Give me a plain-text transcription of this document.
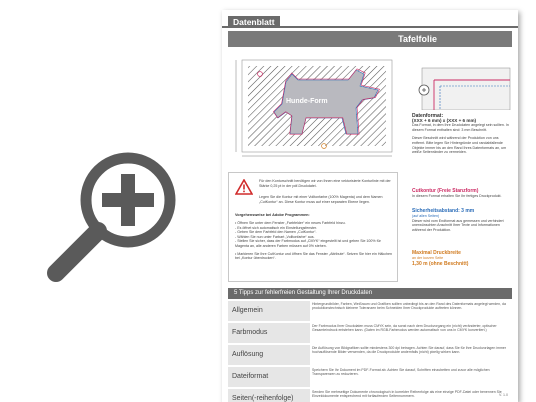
Datenblatt
Tafelfolie
Hunde-Form
Datenformat:
(XXX + 6 mm) x (XXX + 6 mm)
Das Format, in dem Ihre Druckdaten angelegt sein sollten. In diesem Format enthalten sind: 3 mm Beschnitt.
Dieser Beschnitt wird während der Produktion von uns entfernt. Bitte legen Sie Hintergründe und randabfallende Objekte immer bis an den Rand Ihres Datenformats an, um weiße Seitenränder zu vermeiden.
Cutkontur (Freie Stanzform)
In diesem Format erhalten Sie Ihr fertiges Druckprodukt.
Sicherheitsabstand: 3 mm
(auf allen Seiten)
Dieser wird vom Endformat aus gemessen und verhindert unerwünschten Anschnitt Ihrer Texte und Informationen während der Produktion.
Maximal Druckbreite
an der kurzen Seite
1,30 m (ohne Beschnitt)
Für den Konturschnitt benötigen wir von Ihnen eine vektorisierte Konturlinie mit der Stärke 0,25 pt in der pdf-Druckdatei.
Legen Sie die Kontur mit einer Volltonfarbe (100% Magenta) und dem Namen „CutKontur“ an. Diese Kontur muss auf einer separaten Ebene liegen.
Vorgehensweise bei Adobe Programmen:
• Öffnen Sie unter dem Fenster „Farbfelder“ ein neues Farbfeld hinzu.
- Es öffnet sich automatisch ein Einstellungsfenster.
- Geben Sie dem Farbfeld den Namen „CutKontur“.
- Wählen Sie nun unter Farbart „Volltonfarbe“ aus.
- Stellen Sie sicher, dass der Farbmodus auf „CMYK“ eingestellt ist und geben Sie 100% für Magenta an, alle anderen Farben müssen auf 0% stehen.
• Markieren Sie Ihre CutKontur und öffnen Sie das Fenster „Attribute“. Setzen Sie hier ein Häkchen bei „Kontur überdrucken“.
5 Tipps zur fehlerfreien Gestaltung Ihrer Druckdaten
Allgemein
Hintergrundbilder, Farben, Weißraum und Grafiken sollten unbedingt bis an den Rand des Datenformats angelegt werden, da produktionstechnisch kleinere Toleranzen beim Schneiden Ihrer Druckprodukte auftreten können.
Farbmodus
Der Farbmodus Ihrer Druckdaten muss CMYK sein, da sonst nach dem Druckvorgang ein (nicht) veränderter, optischer Gesamteindruck entstehen kann. (Daten im RGB-Farbmodus werden automatisch von uns in CMYK konvertiert.)
Auflösung
Die Auflösung von Bildgrafiken sollte mindestens 300 dpi betragen. Achten Sie darauf, dass Sie für Ihre Druckvorlagen immer hochauflösende Bilder verwenden, da die Druckprodukte andernfalls (nicht) pixelig wirken kann.
Dateiformat
Speichern Sie Ihr Dokument im PDF-Format ab. Achten Sie darauf, Schriften einzubetten und zuvor alle möglichen Transparenzen zu reduzieren.
Seiten(-reihenfolge)
Senden Sie mehrseitige Dokumente chronologisch in korrekter Reihenfolge als eine einzige PDF-Datei oder benennen Sie Einzeldokumente entsprechend mit fortlaufenden Seitennummern.	V. 1.0
